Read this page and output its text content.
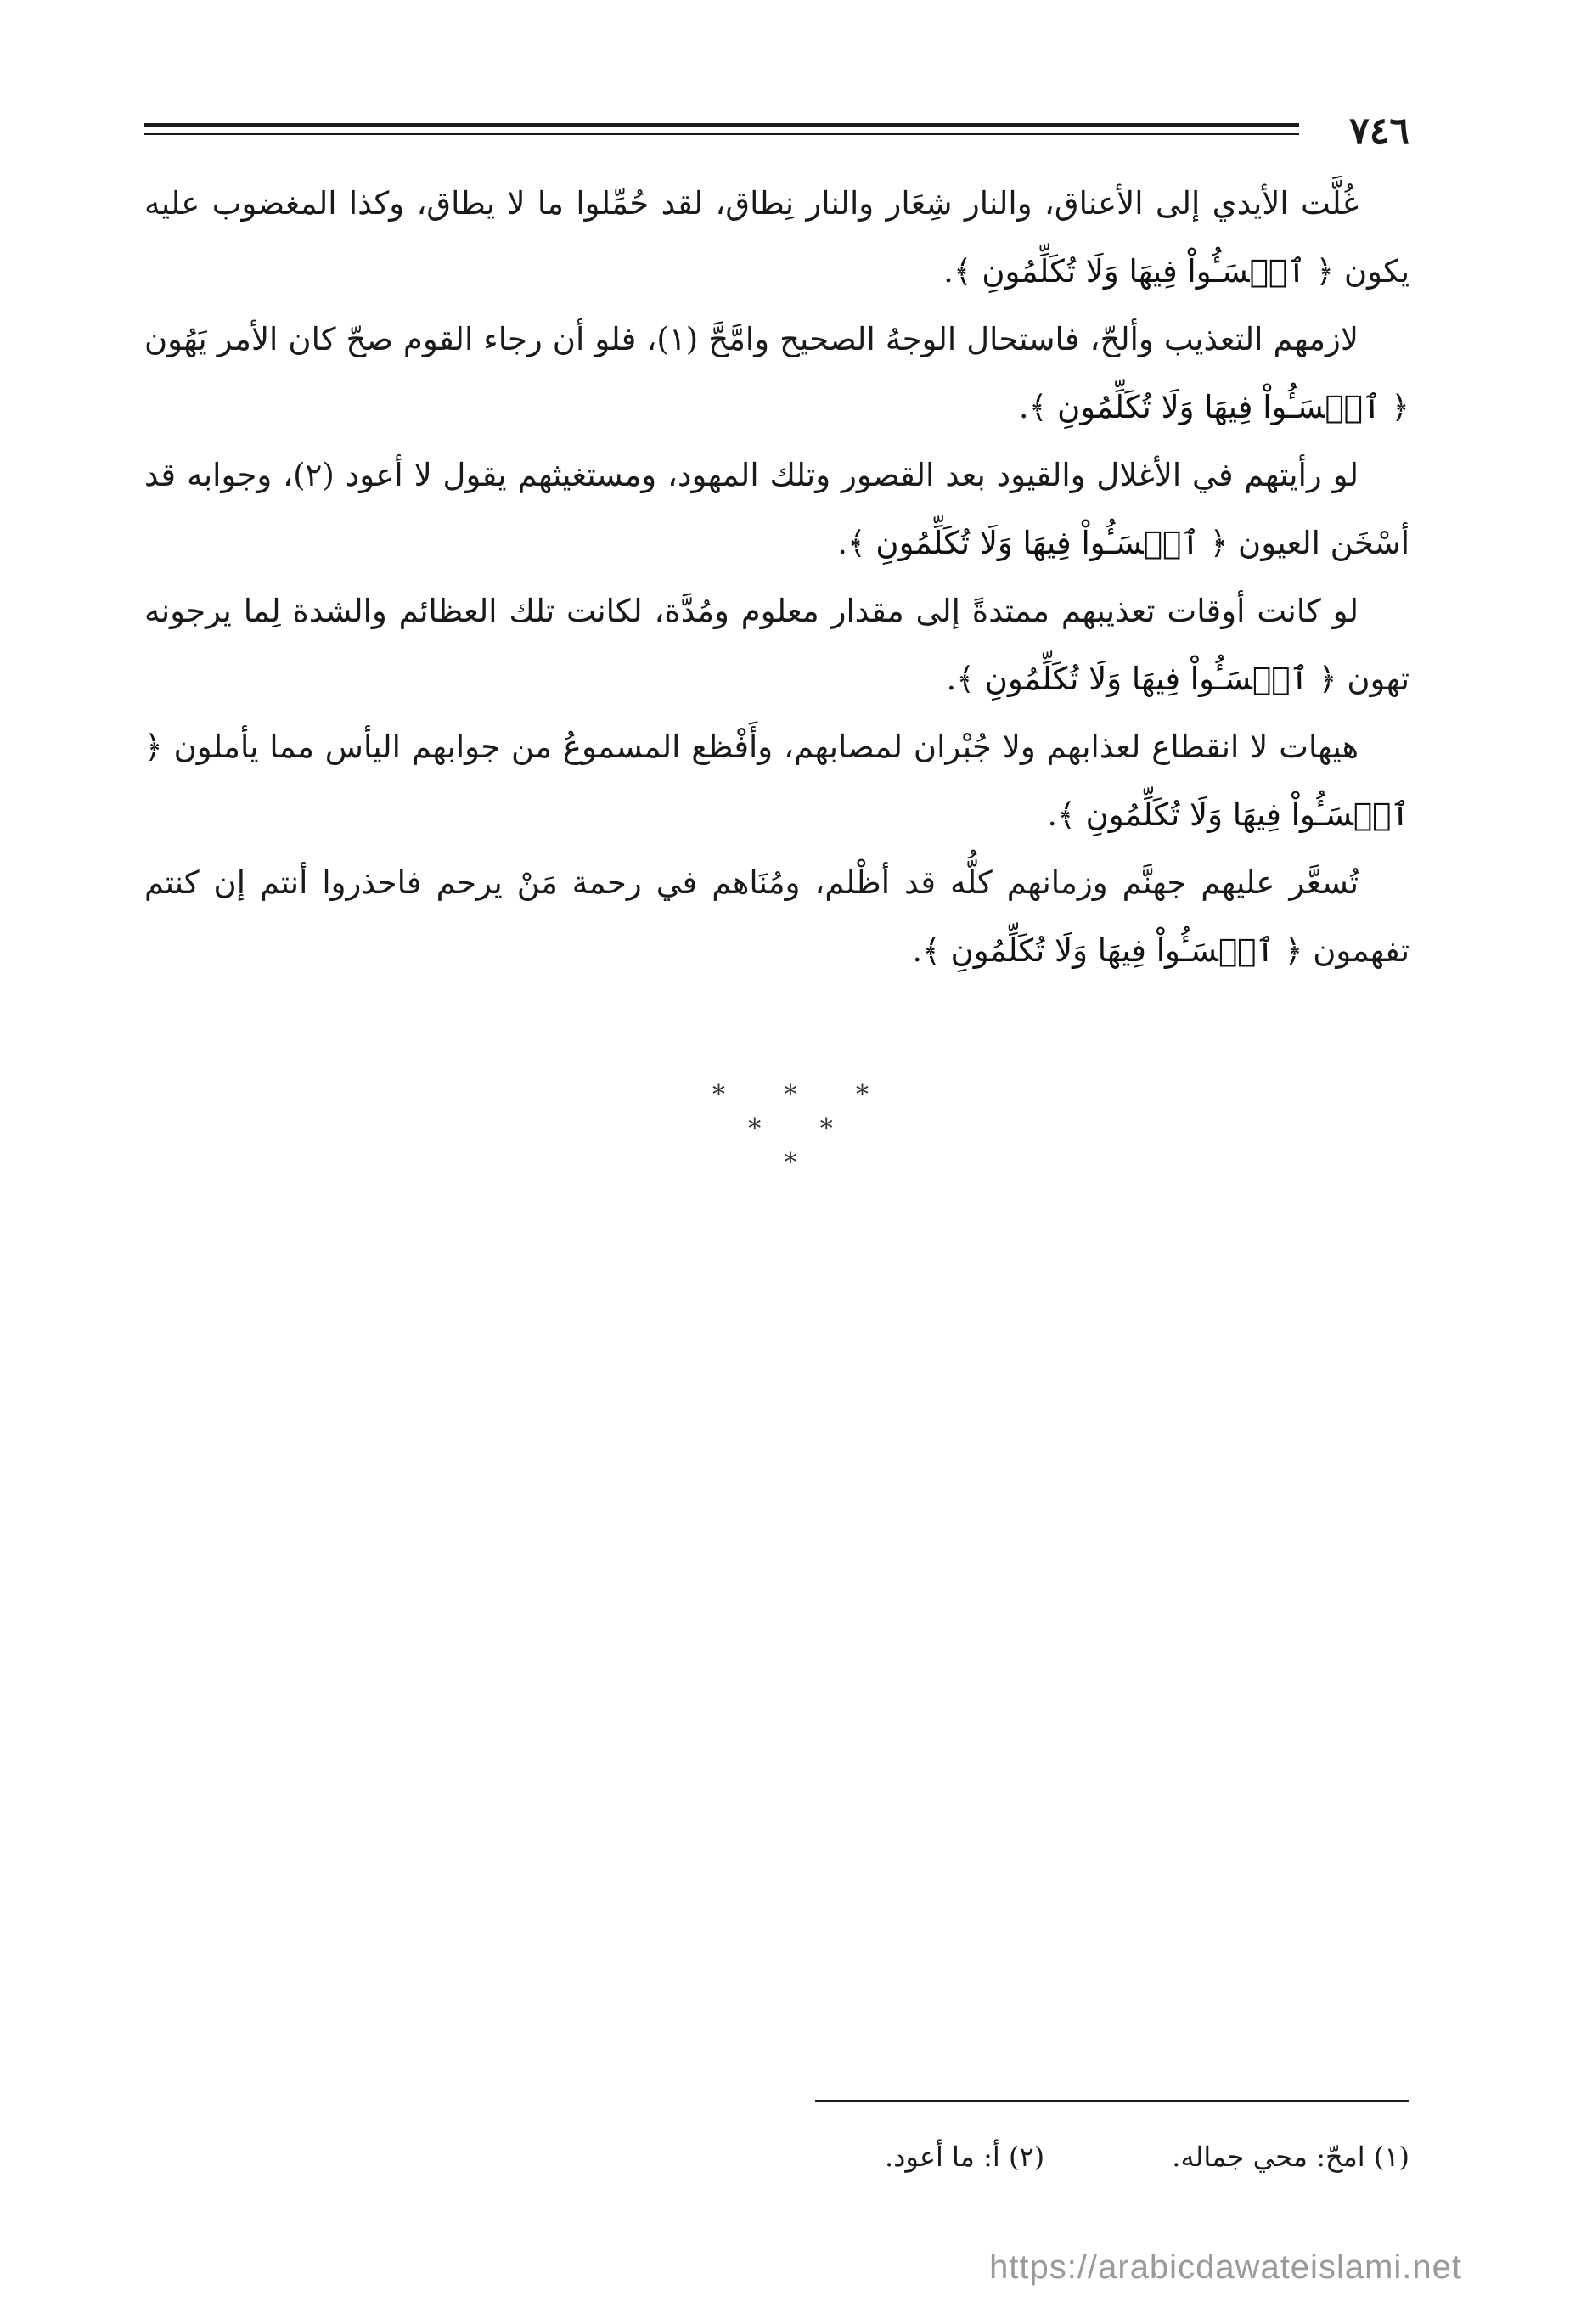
٧٤٦

غُلَّت الأيدي إلى الأعناق، والنار شِعَار والنار نِطاق، لقد حُمِّلوا ما لا يطاق، وكذا المغضوب عليه يكون ﴿ ٱخۡسَـُٔواْ فِيهَا وَلَا تُكَلِّمُونِ ﴾.

لازمهم التعذيب وألحّ، فاستحال الوجهُ الصحيح وامَّحَّ (١)، فلو أن رجاء القوم صحّ كان الأمر يَهُون ﴿ ٱخۡسَـُٔواْ فِيهَا وَلَا تُكَلِّمُونِ ﴾.

لو رأيتهم في الأغلال والقيود بعد القصور وتلك المهود، ومستغيثهم يقول لا أعود (٢)، وجوابه قد أسْخَن العيون ﴿ ٱخۡسَـُٔواْ فِيهَا وَلَا تُكَلِّمُونِ ﴾.

لو كانت أوقات تعذيبهم ممتدةً إلى مقدار معلوم ومُدَّة، لكانت تلك العظائم والشدة لِما يرجونه تهون ﴿ ٱخۡسَـُٔواْ فِيهَا وَلَا تُكَلِّمُونِ ﴾.

هيهات لا انقطاع لعذابهم ولا جُبْران لمصابهم، وأَفْظع المسموعُ من جوابهم اليأس مما يأملون ﴿ ٱخۡسَـُٔواْ فِيهَا وَلَا تُكَلِّمُونِ ﴾.

تُسعَّر عليهم جهنَّم وزمانهم كلُّه قد أظْلم، ومُنَاهم في رحمة مَنْ يرحم فاحذروا أنتم إن كنتم تفهمون ﴿ ٱخۡسَـُٔواْ فِيهَا وَلَا تُكَلِّمُونِ ﴾.

* * *
* *
*
(١) امحّ: محي جماله. (٢) أ: ما أعود.
https://arabicdawateislami.net
